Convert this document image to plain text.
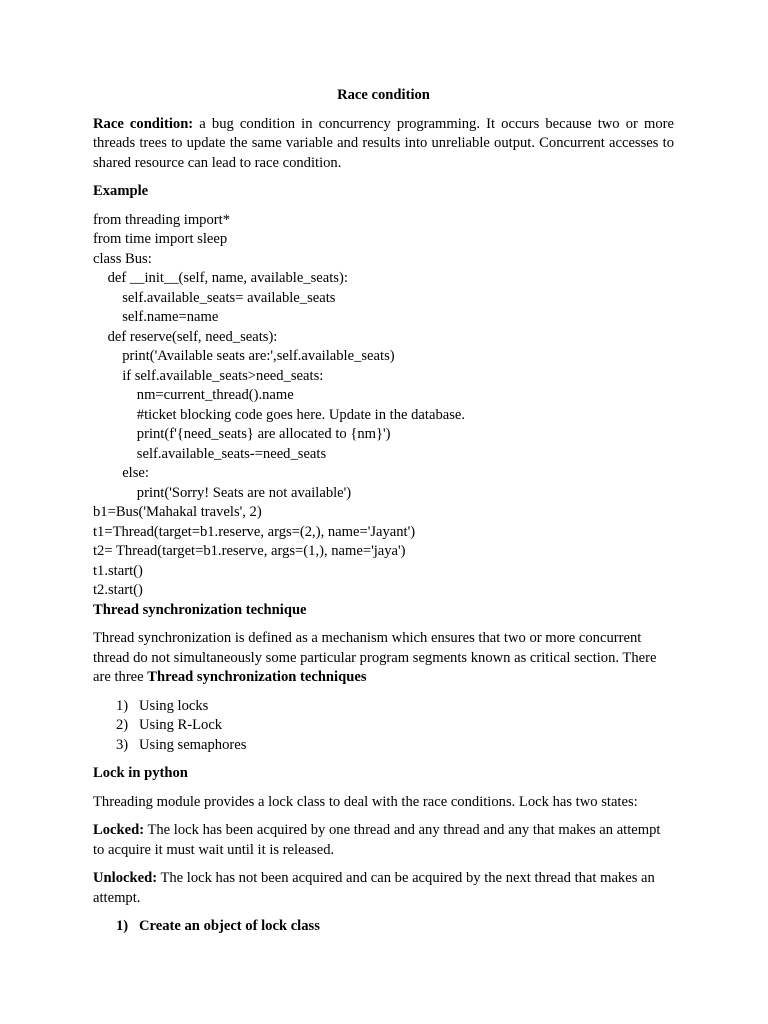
Race condition

Race condition: a bug condition in concurrency programming. It occurs because two or more threads trees to update the same variable and results into unreliable output. Concurrent accesses to shared resource can lead to race condition.

Example

from threading import*
from time import sleep
class Bus:
def __init__(self, name, available_seats):
self.available_seats= available_seats
self.name=name
def reserve(self, need_seats):
print('Available seats are:',self.available_seats)
if self.available_seats>need_seats:
nm=current_thread().name
#ticket blocking code goes here. Update in the database.
print(f'{need_seats} are allocated to {nm}')
self.available_seats-=need_seats
else:
print('Sorry! Seats are not available')
b1=Bus('Mahakal travels', 2)
t1=Thread(target=b1.reserve, args=(2,), name='Jayant')
t2= Thread(target=b1.reserve, args=(1,), name='jaya')
t1.start()
t2.start()

Thread synchronization technique

Thread synchronization is defined as a mechanism which ensures that two or more concurrent thread do not simultaneously some particular program segments known as critical section. There are three Thread synchronization techniques

1) Using locks
2) Using R-Lock
3) Using semaphores

Lock in python

Threading module provides a lock class to deal with the race conditions. Lock has two states:

Locked: The lock has been acquired by one thread and any thread and any that makes an attempt to acquire it must wait until it is released.

Unlocked: The lock has not been acquired and can be acquired by the next thread that makes an attempt.

1) Create an object of lock class
